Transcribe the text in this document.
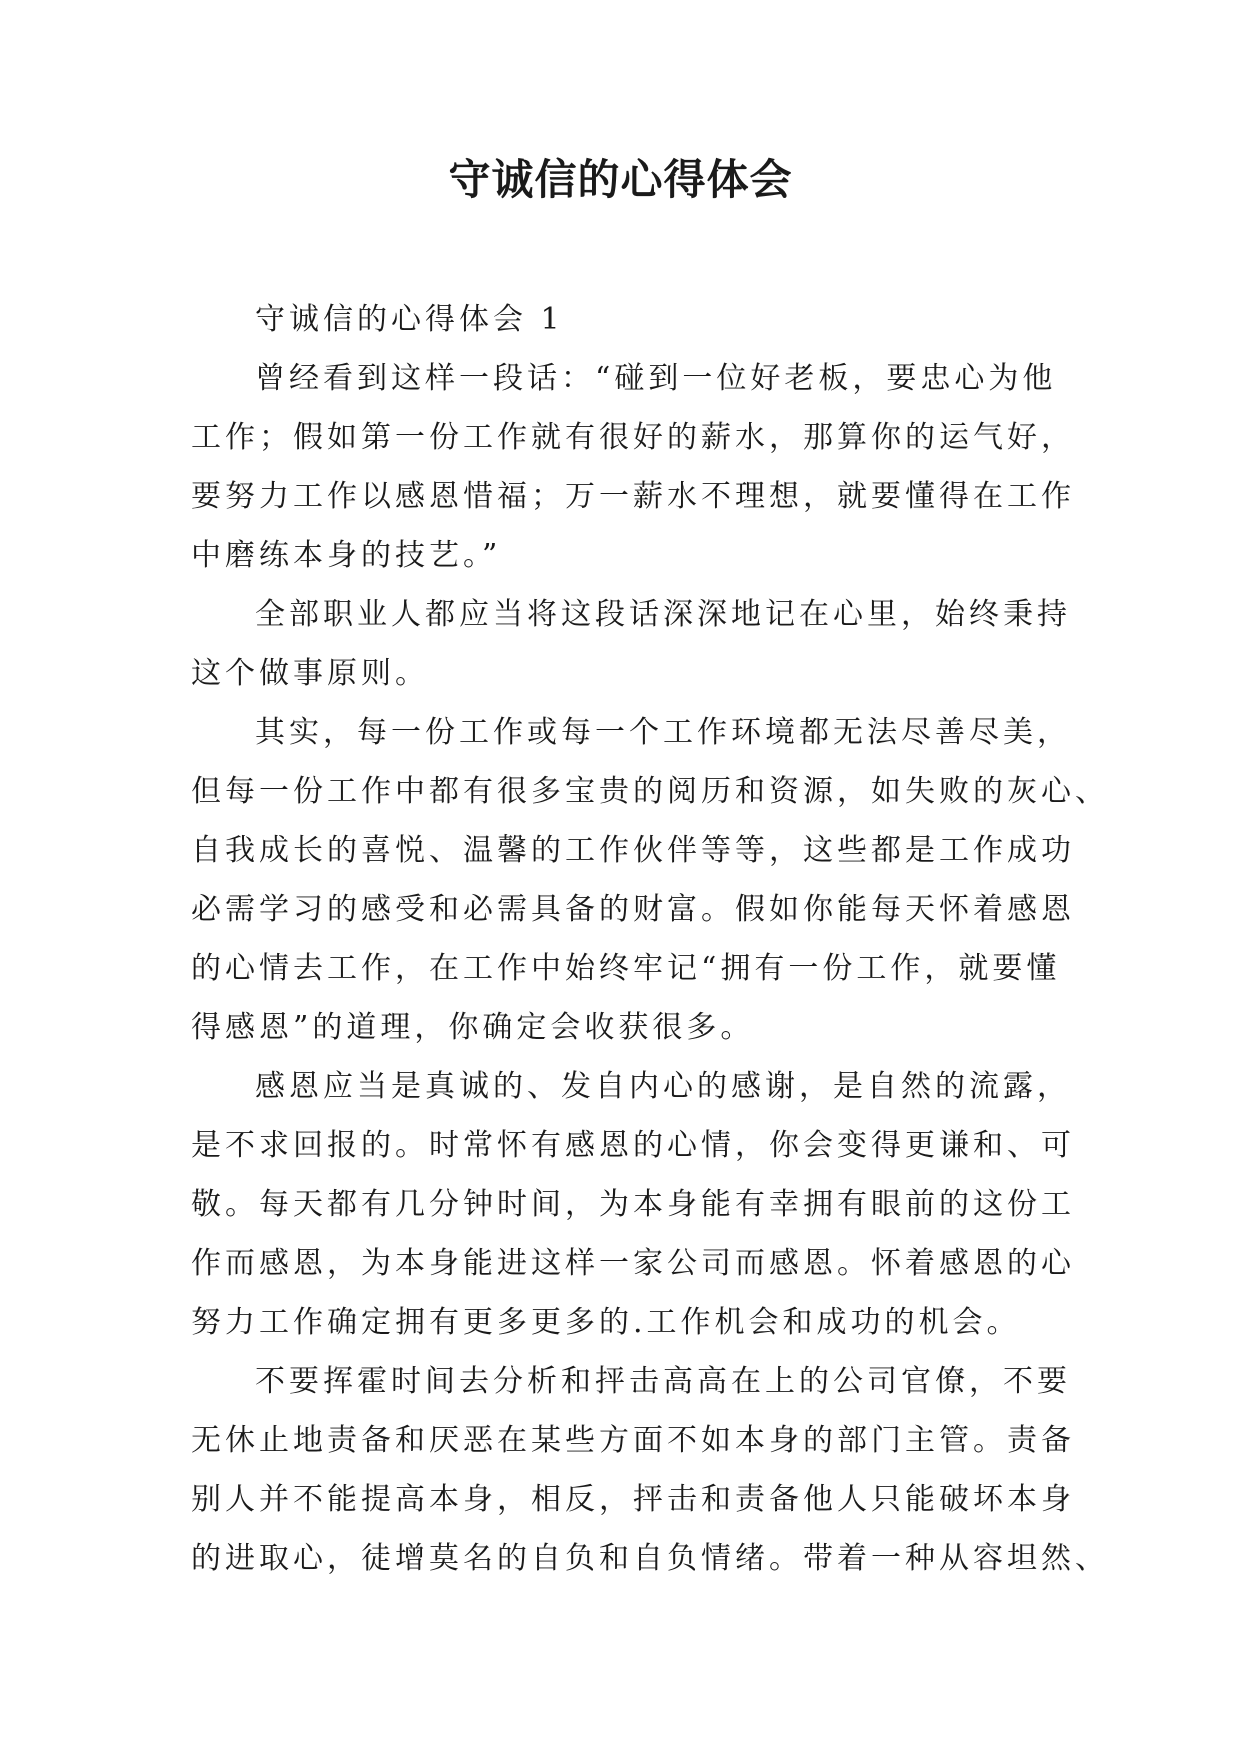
守诚信的心得体会

守诚信的心得体会 1

曾经看到这样一段话：“碰到一位好老板，要忠心为他
工作；假如第一份工作就有很好的薪水，那算你的运气好，
要努力工作以感恩惜福；万一薪水不理想，就要懂得在工作
中磨练本身的技艺。”

全部职业人都应当将这段话深深地记在心里，始终秉持
这个做事原则。

其实，每一份工作或每一个工作环境都无法尽善尽美，
但每一份工作中都有很多宝贵的阅历和资源，如失败的灰心、
自我成长的喜悦、温馨的工作伙伴等等，这些都是工作成功
必需学习的感受和必需具备的财富。假如你能每天怀着感恩
的心情去工作，在工作中始终牢记“拥有一份工作，就要懂
得感恩”的道理，你确定会收获很多。

感恩应当是真诚的、发自内心的感谢，是自然的流露，
是不求回报的。时常怀有感恩的心情，你会变得更谦和、可
敬。每天都有几分钟时间，为本身能有幸拥有眼前的这份工
作而感恩，为本身能进这样一家公司而感恩。怀着感恩的心
努力工作确定拥有更多更多的.工作机会和成功的机会。

不要挥霍时间去分析和抨击高高在上的公司官僚，不要
无休止地责备和厌恶在某些方面不如本身的部门主管。责备
别人并不能提高本身，相反，抨击和责备他人只能破坏本身
的进取心，徒增莫名的自负和自负情绪。带着一种从容坦然、
